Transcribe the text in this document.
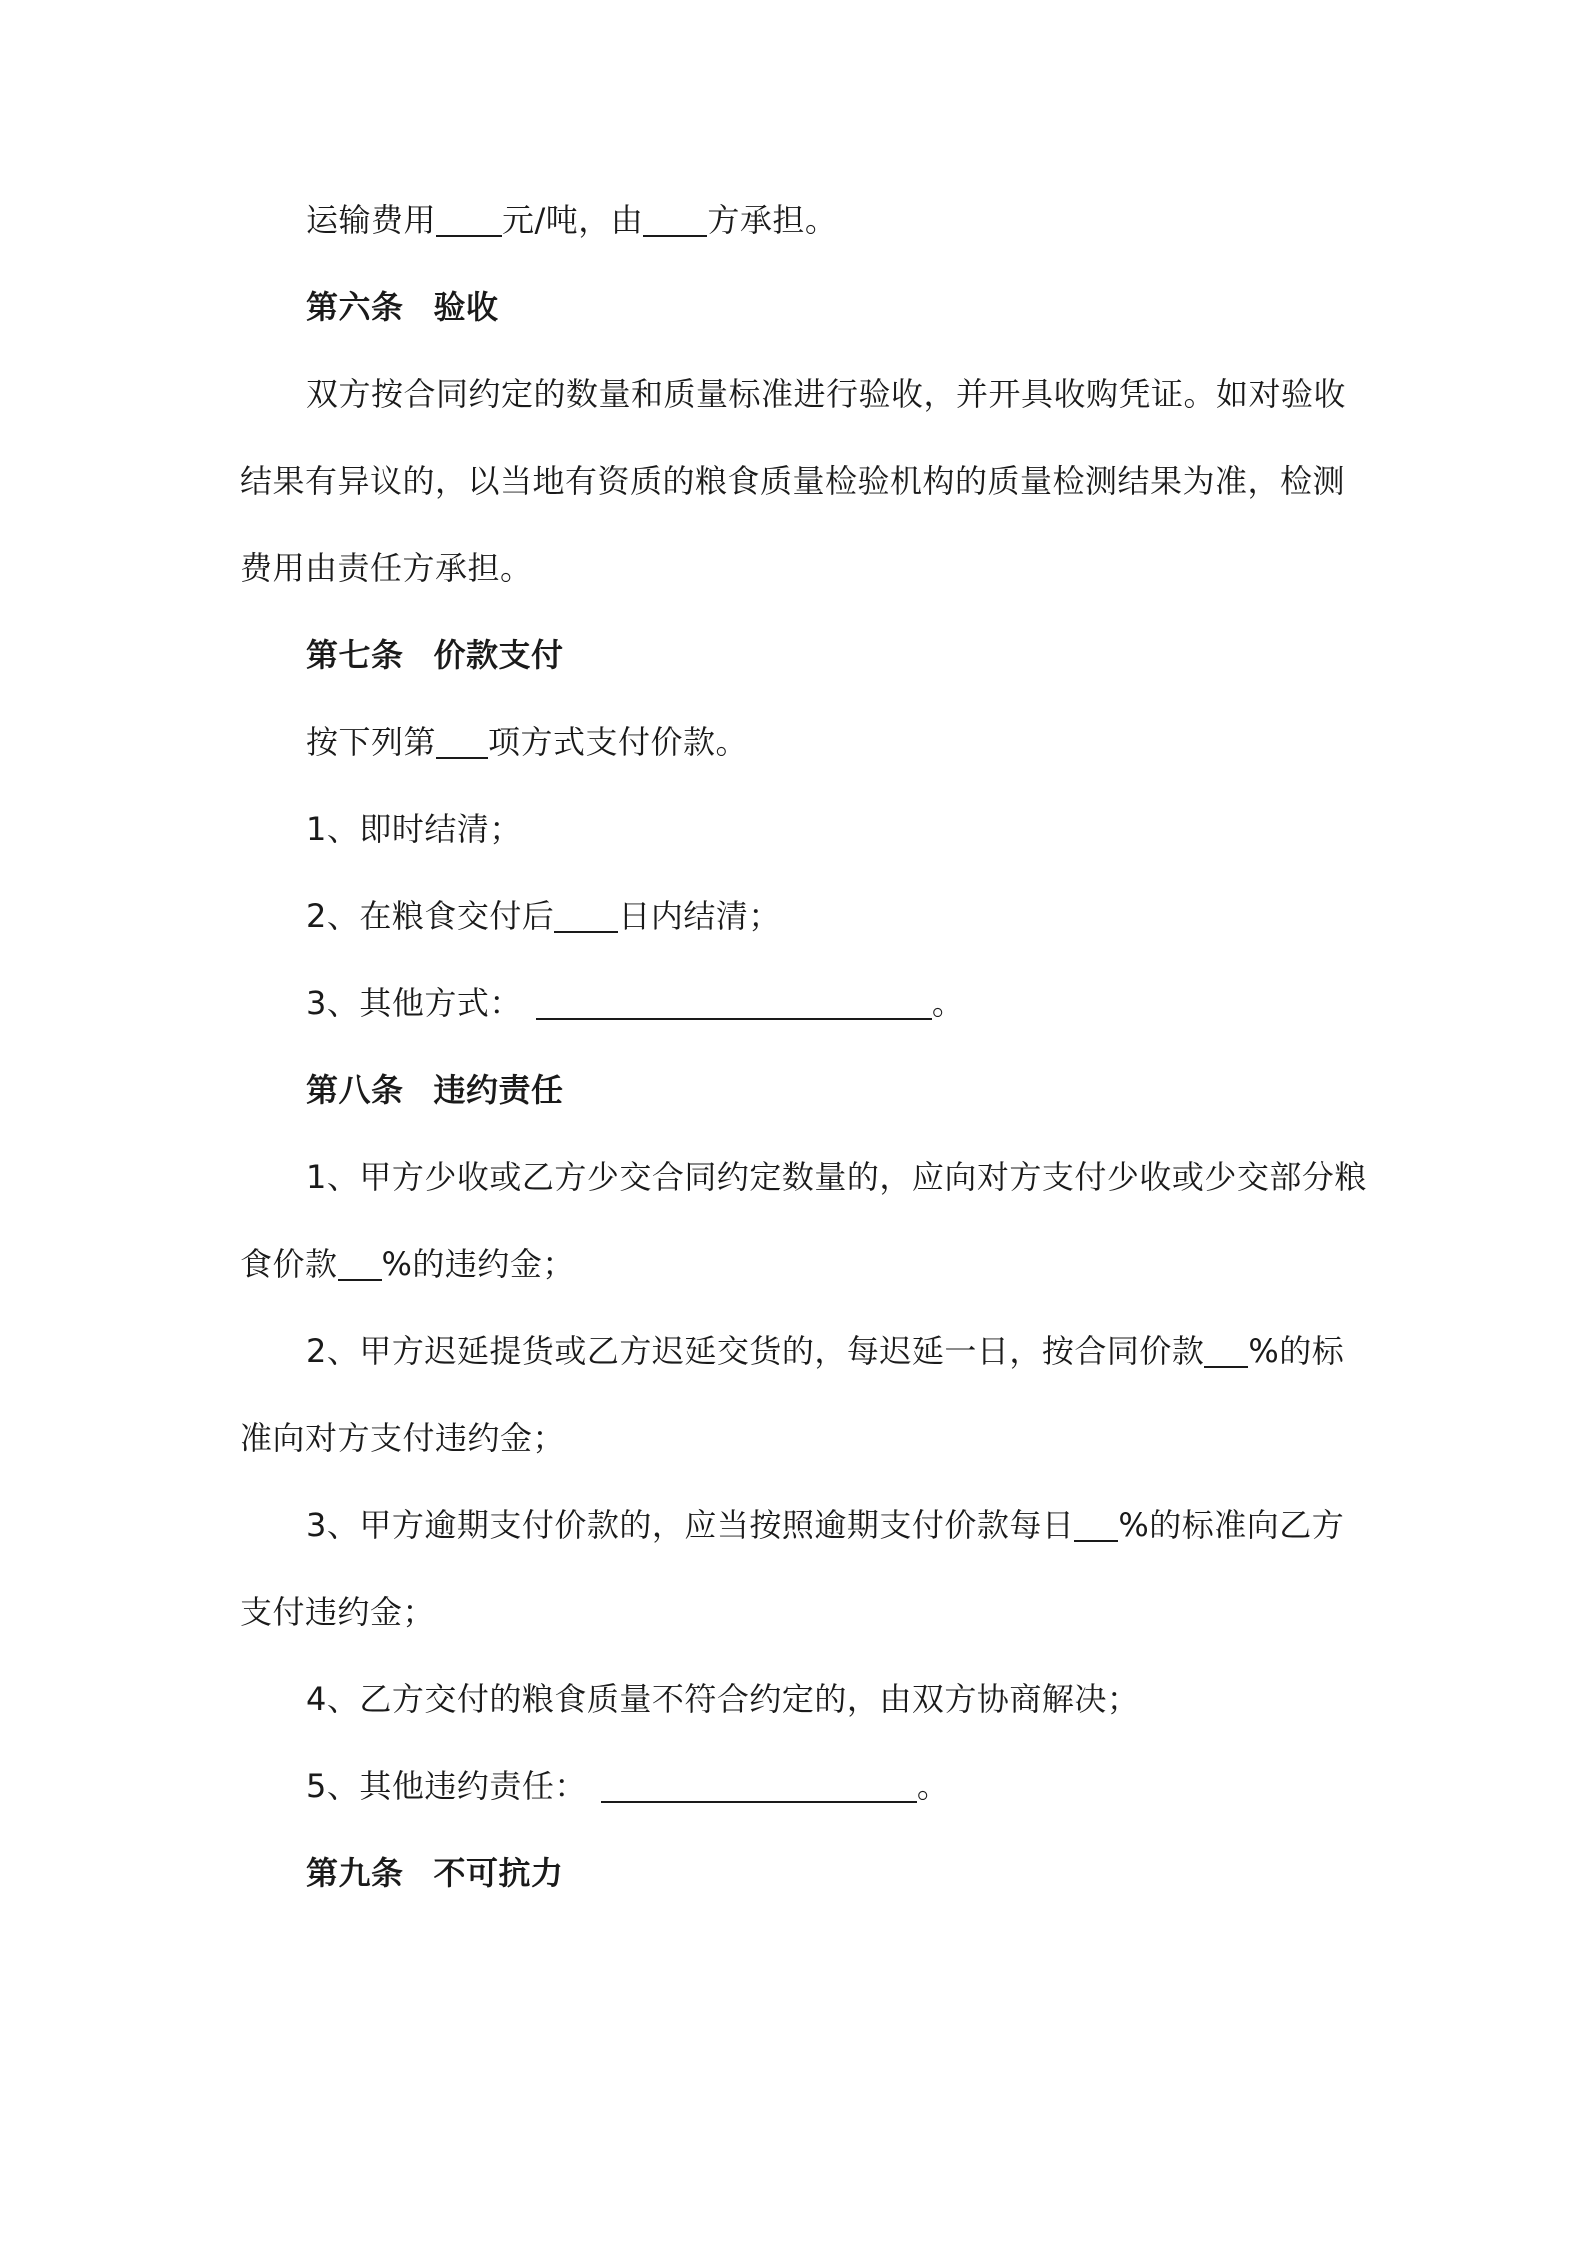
运输费用 元/吨，由 方承担。
第六条 验收
双方按合同约定的数量和质量标准进行验收，并开具收购凭证。如对验收
结果有异议的，以当地有资质的粮食质量检验机构的质量检测结果为准，检测
费用由责任方承担。
第七条 价款支付
按下列第 项方式支付价款。
1、即时结清；
2、在粮食交付后 日内结清；
3、其他方式：	。
第八条 违约责任
1、甲方少收或乙方少交合同约定数量的，应向对方支付少收或少交部分粮
食价款 %的违约金；
2、甲方迟延提货或乙方迟延交货的，每迟延一日，按合同价款 %的标
准向对方支付违约金；
3、甲方逾期支付价款的，应当按照逾期支付价款每日 %的标准向乙方
支付违约金；
4、乙方交付的粮食质量不符合约定的，由双方协商解决；
5、其他违约责任：	。
第九条 不可抗力
